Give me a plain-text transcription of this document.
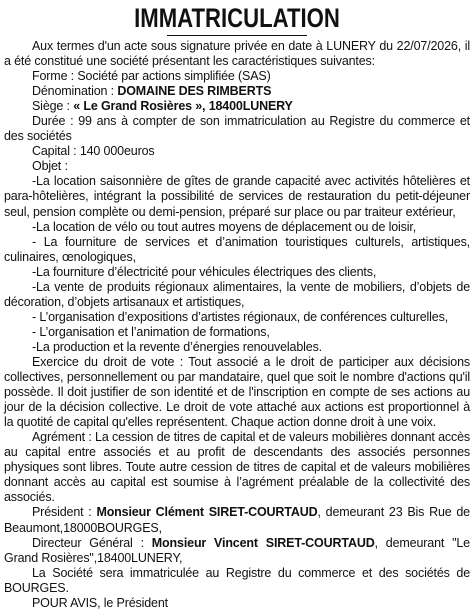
IMMATRICULATION

Aux termes d'un acte sous signature privée en date à LUNERY du 22/07/2026, il a été constitué une société présentant les caractéristiques suivantes:

Forme : Société par actions simplifiée (SAS)

Dénomination : DOMAINE DES RIMBERTS

Siège : « Le Grand Rosières », 18400LUNERY

Durée : 99 ans à compter de son immatriculation au Registre du commerce et des sociétés

Capital : 140 000euros

Objet :

-La location saisonnière de gîtes de grande capacité avec activités hôtelières et para-hôtelières, intégrant la possibilité de services de restauration du petit-déjeuner seul, pension complète ou demi-pension, préparé sur place ou par traiteur extérieur,

-La location de vélo ou tout autres moyens de déplacement ou de loisir,

- La fourniture de services et d’animation touristiques culturels, artistiques, culinaires, œnologiques,

-La fourniture d’électricité pour véhicules électriques des clients,

-La vente de produits régionaux alimentaires, la vente de mobiliers, d’objets de décoration, d’objets artisanaux et artistiques,

- L’organisation d’expositions d’artistes régionaux, de conférences culturelles,

- L’organisation et l’animation de formations,

-La production et la revente d’énergies renouvelables.

Exercice du droit de vote : Tout associé a le droit de participer aux décisions collectives, personnellement ou par mandataire, quel que soit le nombre d'actions qu'il possède. Il doit justifier de son identité et de l'inscription en compte de ses actions au jour de la décision collective. Le droit de vote attaché aux actions est proportionnel à la quotité de capital qu'elles représentent. Chaque action donne droit à une voix.

Agrément : La cession de titres de capital et de valeurs mobilières donnant accès au capital entre associés et au profit de descendants des associés personnes physiques sont libres. Toute autre cession de titres de capital et de valeurs mobilières donnant accès au capital est soumise à l’agrément préalable de la collectivité des associés.

Président : Monsieur Clément SIRET-COURTAUD, demeurant 23 Bis Rue de Beaumont,18000BOURGES,

Directeur Général : Monsieur Vincent SIRET-COURTAUD, demeurant "Le Grand Rosières",18400LUNERY,

La Société sera immatriculée au Registre du commerce et des sociétés de BOURGES.

POUR AVIS, le Président
